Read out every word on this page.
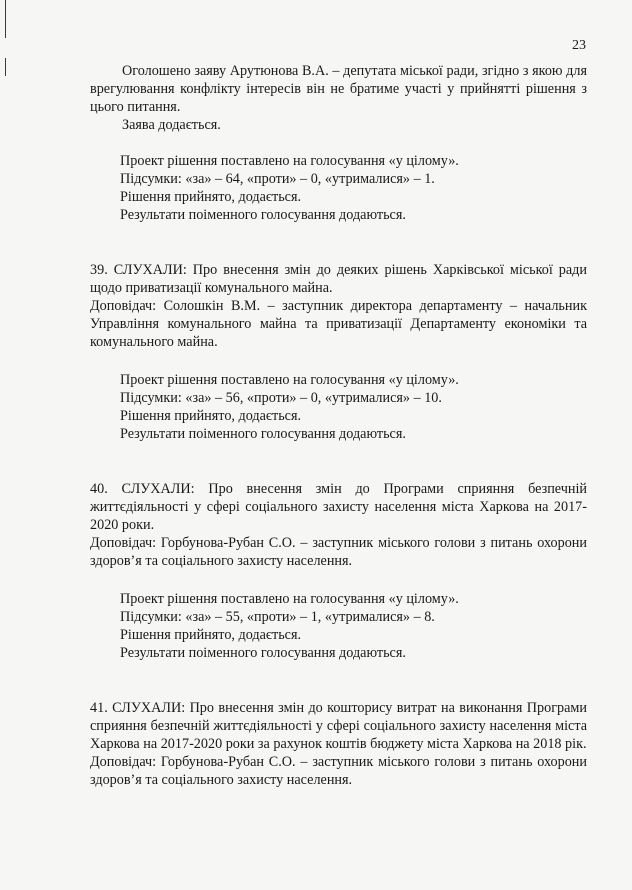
23

Оголошено заяву Арутюнова В.А. – депутата міської ради, згідно з якою для врегулювання конфлікту інтересів він не братиме участі у прийнятті рішення з цього питання.

Заява додається.

Проект рішення поставлено на голосування «у цілому».

Підсумки: «за» – 64, «проти» – 0, «утрималися» – 1.

Рішення прийнято, додається.

Результати поіменного голосування додаються.

39. СЛУХАЛИ: Про внесення змін до деяких рішень Харківської міської ради щодо приватизації комунального майна.

Доповідач: Солошкін В.М. – заступник директора департаменту – начальник Управління комунального майна та приватизації Департаменту економіки та комунального майна.

Проект рішення поставлено на голосування «у цілому».

Підсумки: «за» – 56, «проти» – 0, «утрималися» – 10.

Рішення прийнято, додається.

Результати поіменного голосування додаються.

40. СЛУХАЛИ: Про внесення змін до Програми сприяння безпечній життєдіяльності у сфері соціального захисту населення міста Харкова на 2017-2020 роки.

Доповідач: Горбунова-Рубан С.О. – заступник міського голови з питань охорони здоров’я та соціального захисту населення.

Проект рішення поставлено на голосування «у цілому».

Підсумки: «за» – 55, «проти» – 1, «утрималися» – 8.

Рішення прийнято, додається.

Результати поіменного голосування додаються.

41. СЛУХАЛИ: Про внесення змін до кошторису витрат на виконання Програми сприяння безпечній життєдіяльності у сфері соціального захисту населення міста Харкова на 2017-2020 роки за рахунок коштів бюджету міста Харкова на 2018 рік.

Доповідач: Горбунова-Рубан С.О. – заступник міського голови з питань охорони здоров’я та соціального захисту населення.
